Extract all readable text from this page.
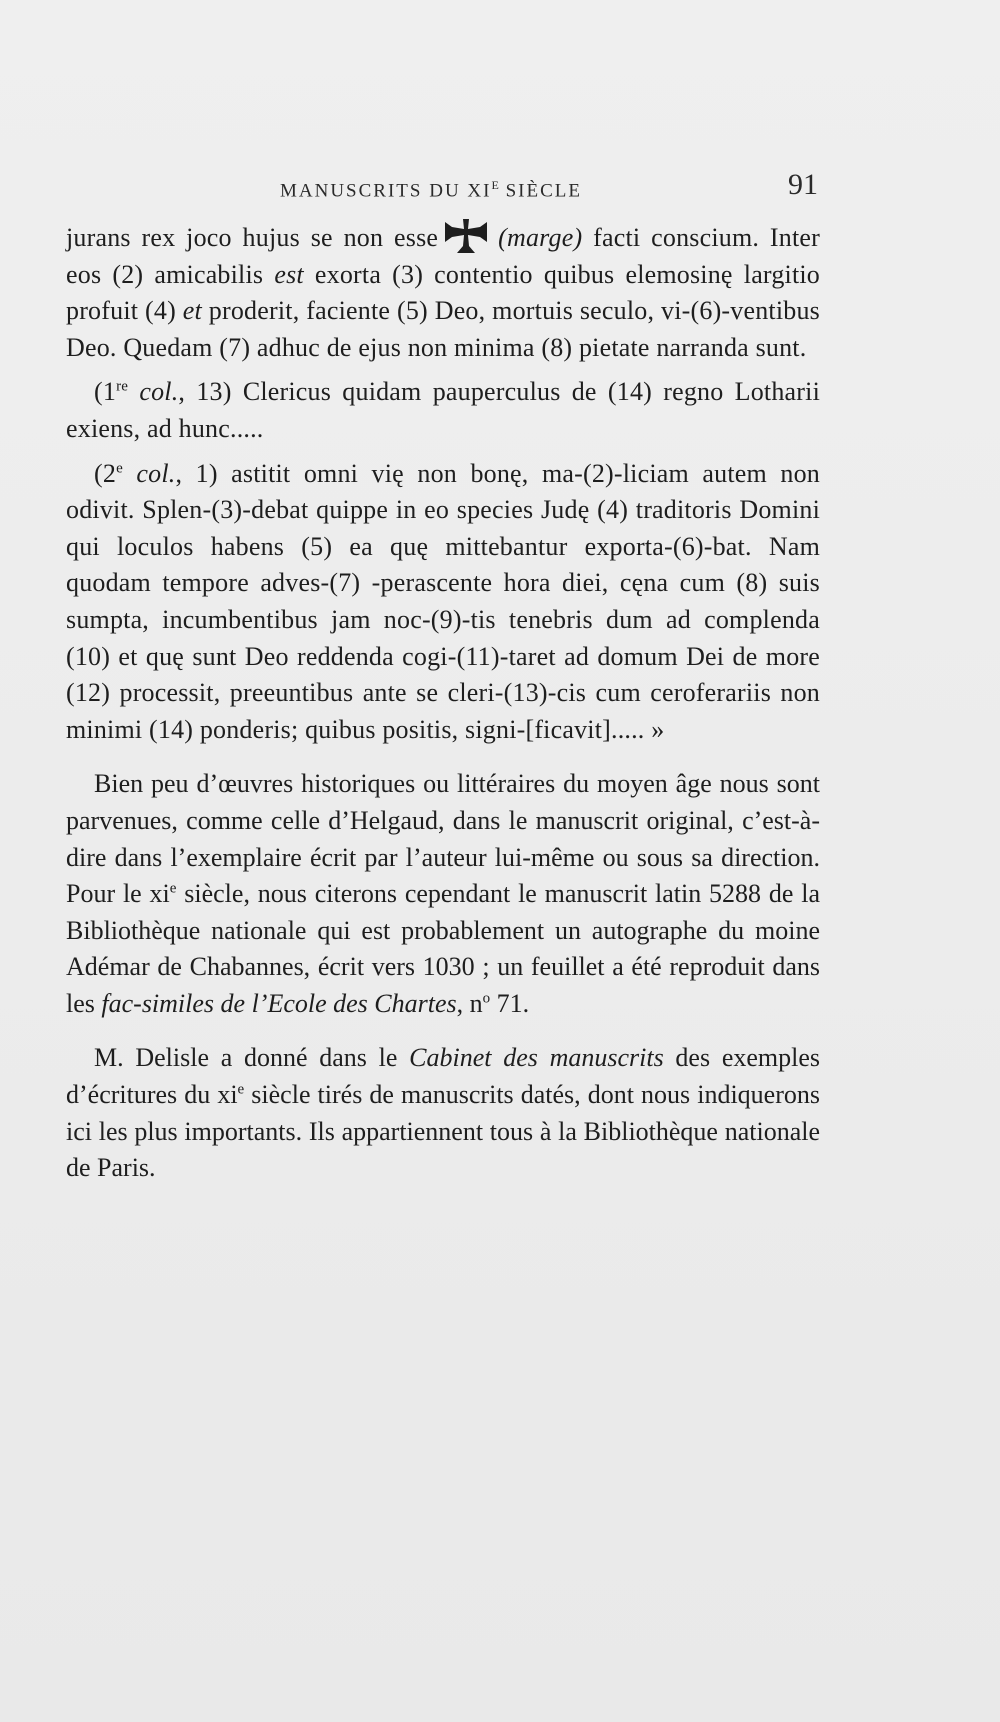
MANUSCRITS DU $XI^E$ SIÈCLE	91

jurans rex joco hujus se non esse (marge) facti conscium. Inter eos (2) amicabilis est exorta (3) contentio quibus elemosinę largitio profuit (4) et proderit, faciente (5) Deo, mortuis seculo, vi-(6)-ventibus Deo. Quedam (7) adhuc de ejus non minima (8) pietate narranda sunt.

(1re col., 13) Clericus quidam pauperculus de (14) regno Lotharii exiens, ad hunc.....

(2e col., 1) astitit omni vię non bonę, ma-(2)-liciam autem non odivit. Splen-(3)-debat quippe in eo species Judę (4) traditoris Domini qui loculos habens (5) ea quę mittebantur exporta-(6)-bat. Nam quodam tempore adves-(7) -perascente hora diei, cęna cum (8) suis sumpta, incumbentibus jam noc-(9)-tis tenebris dum ad complenda (10) et quę sunt Deo reddenda cogi-(11)-taret ad domum Dei de more (12) processit, preeuntibus ante se cleri-(13)-cis cum ceroferariis non minimi (14) ponderis; quibus positis, signi-[ficavit]..... »

Bien peu d’œuvres historiques ou littéraires du moyen âge nous sont parvenues, comme celle d’Helgaud, dans le manuscrit original, c’est-à-dire dans l’exemplaire écrit par l’auteur lui-même ou sous sa direction. Pour le $xi^e$ siècle, nous citerons cependant le manuscrit latin 5288 de la Bibliothèque nationale qui est probablement un autographe du moine Adémar de Chabannes, écrit vers 1030 ; un feuillet a été reproduit dans les fac-similes de l’Ecole des Chartes, $n^o$ 71.

M. Delisle a donné dans le Cabinet des manuscrits des exemples d’écritures du $xi^e$ siècle tirés de manuscrits datés, dont nous indiquerons ici les plus importants. Ils appartiennent tous à la Bibliothèque nationale de Paris.
